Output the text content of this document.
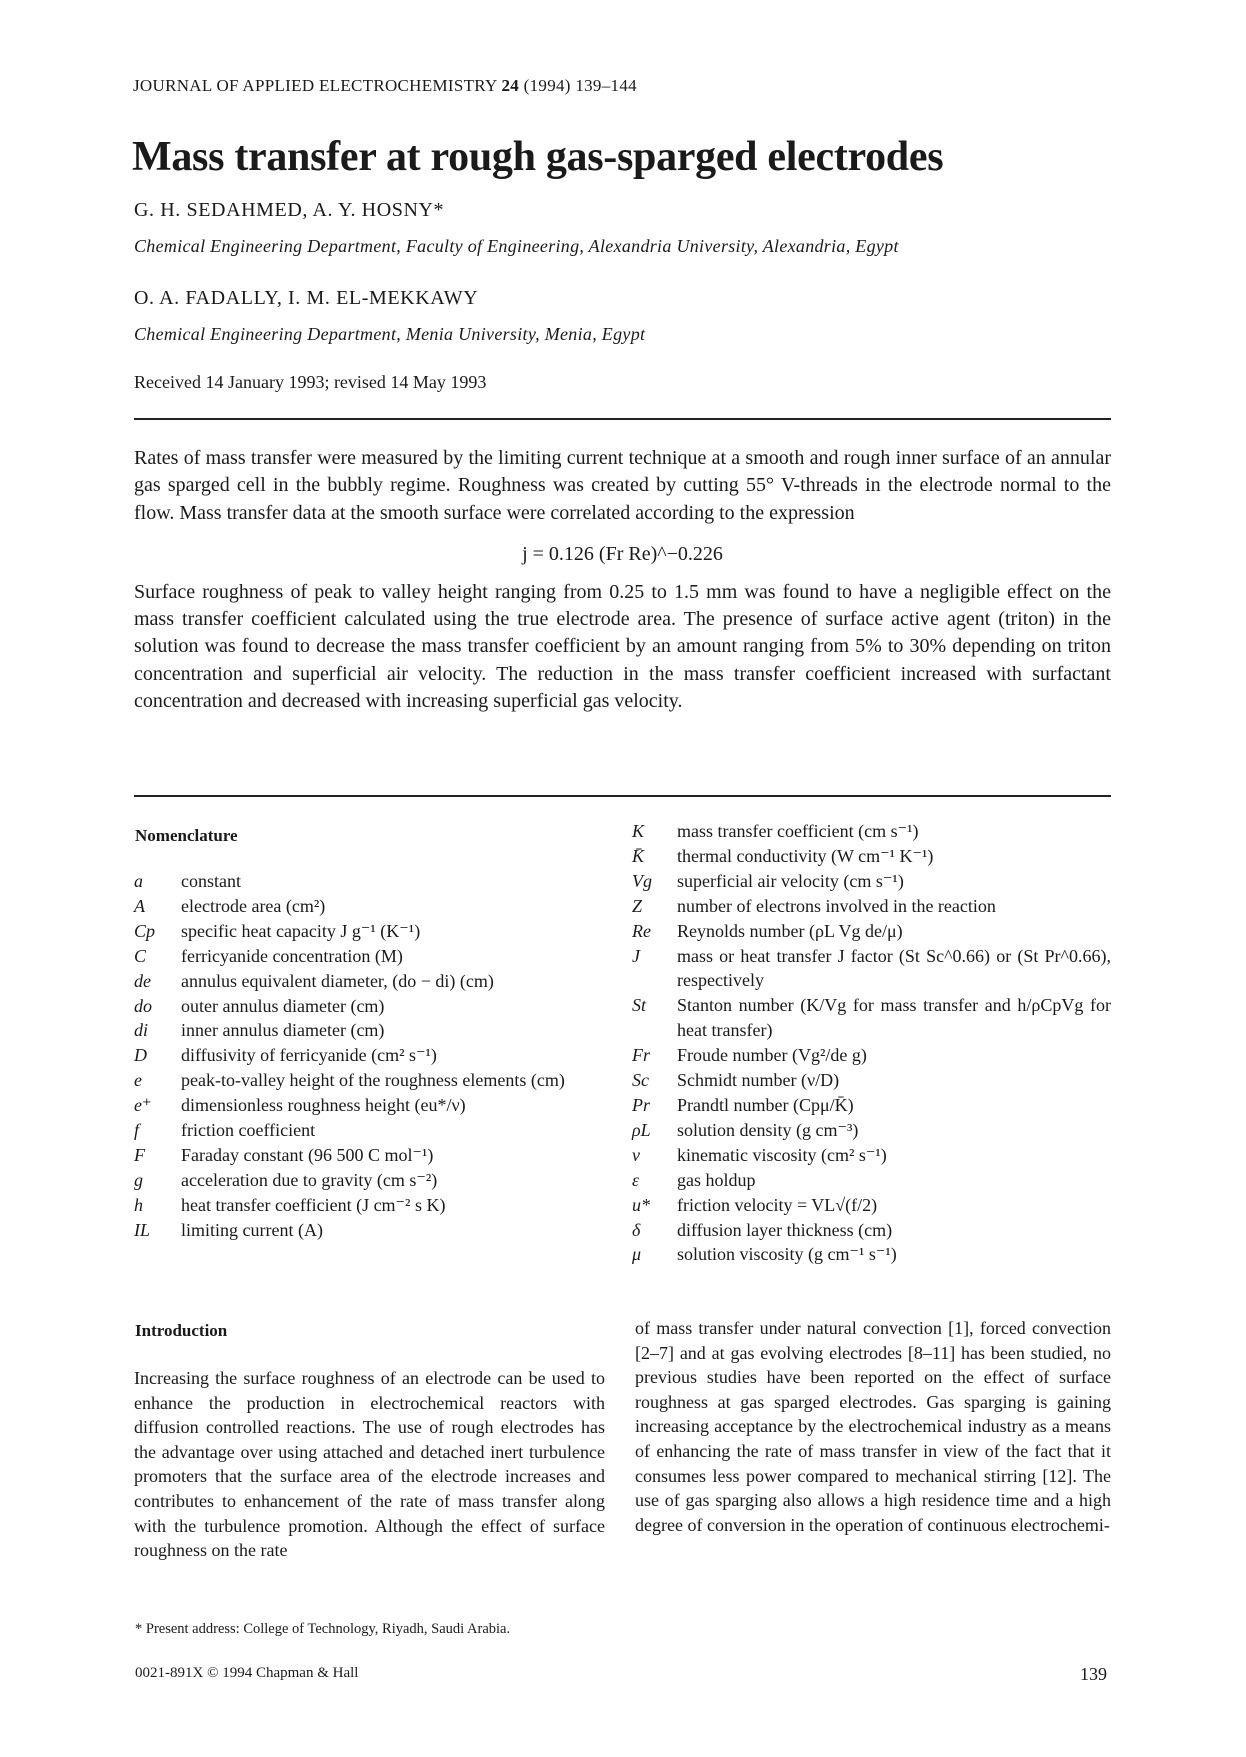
JOURNAL OF APPLIED ELECTROCHEMISTRY 24 (1994) 139–144
Mass transfer at rough gas-sparged electrodes
G. H. SEDAHMED, A. Y. HOSNY*
Chemical Engineering Department, Faculty of Engineering, Alexandria University, Alexandria, Egypt
O. A. FADALLY, I. M. EL-MEKKAWY
Chemical Engineering Department, Menia University, Menia, Egypt
Received 14 January 1993; revised 14 May 1993

Rates of mass transfer were measured by the limiting current technique at a smooth and rough inner surface of an annular gas sparged cell in the bubbly regime. Roughness was created by cutting 55° V-threads in the electrode normal to the flow. Mass transfer data at the smooth surface were correlated according to the expression

j = 0.126 (Fr Re)^−0.226

Surface roughness of peak to valley height ranging from 0.25 to 1.5 mm was found to have a negligible effect on the mass transfer coefficient calculated using the true electrode area. The presence of surface active agent (triton) in the solution was found to decrease the mass transfer coefficient by an amount ranging from 5% to 30% depending on triton concentration and superficial air velocity. The reduction in the mass transfer coefficient increased with surfactant concentration and decreased with increasing superficial gas velocity.

Nomenclature
a	constant
A	electrode area (cm²)
Cp	specific heat capacity J g⁻¹ (K⁻¹)
C	ferricyanide concentration (M)
de	annulus equivalent diameter, (do − di) (cm)
do	outer annulus diameter (cm)
di	inner annulus diameter (cm)
D	diffusivity of ferricyanide (cm² s⁻¹)
e	peak-to-valley height of the roughness elements (cm)
e⁺	dimensionless roughness height (eu*/ν)
f	friction coefficient
F	Faraday constant (96 500 C mol⁻¹)
g	acceleration due to gravity (cm s⁻²)
h	heat transfer coefficient (J cm⁻² s K)
IL	limiting current (A)
K	mass transfer coefficient (cm s⁻¹)
K̄	thermal conductivity (W cm⁻¹ K⁻¹)
Vg	superficial air velocity (cm s⁻¹)
Z	number of electrons involved in the reaction
Re	Reynolds number (ρL Vg de/μ)
J	mass or heat transfer J factor (St Sc^0.66) or (St Pr^0.66), respectively
St	Stanton number (K/Vg for mass transfer and h/ρCpVg for heat transfer)
Fr	Froude number (Vg²/de g)
Sc	Schmidt number (ν/D)
Pr	Prandtl number (Cpμ/K̄)
ρL	solution density (g cm⁻³)
ν	kinematic viscosity (cm² s⁻¹)
ε	gas holdup
u*	friction velocity = VL√(f/2)
δ	diffusion layer thickness (cm)
μ	solution viscosity (g cm⁻¹ s⁻¹)
Introduction

Increasing the surface roughness of an electrode can be used to enhance the production in electrochemical reactors with diffusion controlled reactions. The use of rough electrodes has the advantage over using attached and detached inert turbulence promoters that the surface area of the electrode increases and contributes to enhancement of the rate of mass transfer along with the turbulence promotion. Although the effect of surface roughness on the rate

of mass transfer under natural convection [1], forced convection [2–7] and at gas evolving electrodes [8–11] has been studied, no previous studies have been reported on the effect of surface roughness at gas sparged electrodes. Gas sparging is gaining increasing acceptance by the electrochemical industry as a means of enhancing the rate of mass transfer in view of the fact that it consumes less power compared to mechanical stirring [12]. The use of gas sparging also allows a high residence time and a high degree of conversion in the operation of continuous electrochemi-

* Present address: College of Technology, Riyadh, Saudi Arabia.
0021-891X © 1994 Chapman & Hall	139
